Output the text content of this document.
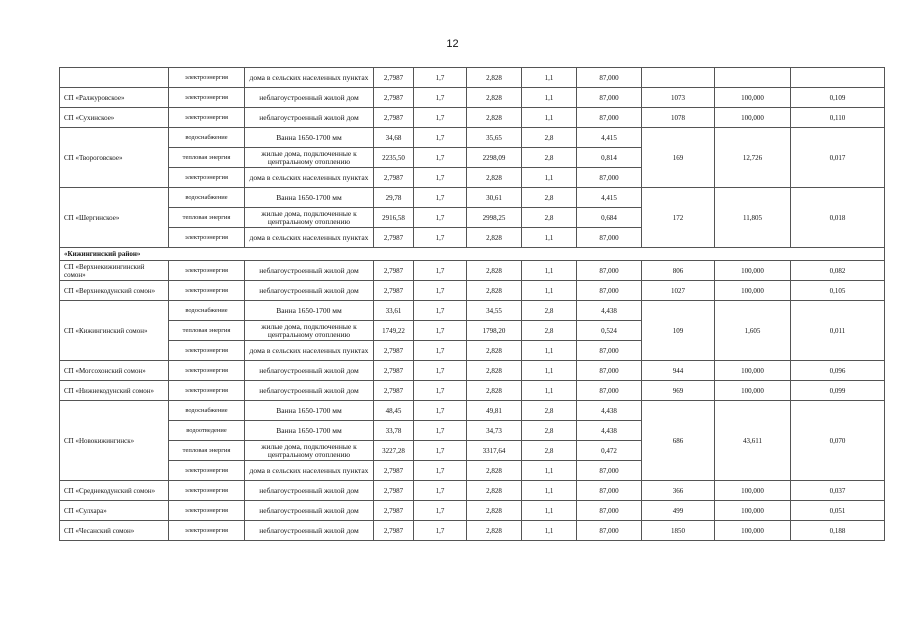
12
	электроэнергия	дома в сельских населенных пунктах	2,7987	1,7	2,828	1,1	87,000			
СП «Ралжуровское»	электроэнергия	неблагоустроенный жилой дом	2,7987	1,7	2,828	1,1	87,000	1073	100,000	0,109
СП «Сухинское»	электроэнергия	неблагоустроенный жилой дом	2,7987	1,7	2,828	1,1	87,000	1078	100,000	0,110
СП «Твороговское»	водоснабжение	Ванна 1650-1700 мм	34,68	1,7	35,65	2,8	4,415	169	12,726	0,017
	тепловая энергия	жилые дома, подключенные к центральному отоплению	2235,50	1,7	2298,09	2,8	0,814			
	электроэнергия	дома в сельских населенных пунктах	2,7987	1,7	2,828	1,1	87,000			
СП «Шергинское»	водоснабжение	Ванна 1650-1700 мм	29,78	1,7	30,61	2,8	4,415	172	11,805	0,018
	тепловая энергия	жилые дома, подключенные к центральному отоплению	2916,58	1,7	2998,25	2,8	0,684			
	электроэнергия	дома в сельских населенных пунктах	2,7987	1,7	2,828	1,1	87,000			
«Кижингинский район»										
СП «Верхнекижингинский сомон»	электроэнергия	неблагоустроенный жилой дом	2,7987	1,7	2,828	1,1	87,000	806	100,000	0,082
СП «Верхнекодунский сомон»	электроэнергия	неблагоустроенный жилой дом	2,7987	1,7	2,828	1,1	87,000	1027	100,000	0,105
СП «Кижингинский сомон»	водоснабжение	Ванна 1650-1700 мм	33,61	1,7	34,55	2,8	4,438	109	1,605	0,011
	тепловая энергия	жилые дома, подключенные к центральному отоплению	1749,22	1,7	1798,20	2,8	0,524			
	электроэнергия	дома в сельских населенных пунктах	2,7987	1,7	2,828	1,1	87,000			
СП «Могсохонский сомон»	электроэнергия	неблагоустроенный жилой дом	2,7987	1,7	2,828	1,1	87,000	944	100,000	0,096
СП «Нижнекодунский сомон»	электроэнергия	неблагоустроенный жилой дом	2,7987	1,7	2,828	1,1	87,000	969	100,000	0,099
СП «Новокижингинск»	водоснабжение	Ванна 1650-1700 мм	48,45	1,7	49,81	2,8	4,438	686	43,611	0,070
	водоотведение	Ванна 1650-1700 мм	33,78	1,7	34,73	2,8	4,438			
	тепловая энергия	жилые дома, подключенные к центральному отоплению	3227,28	1,7	3317,64	2,8	0,472			
	электроэнергия	дома в сельских населенных пунктах	2,7987	1,7	2,828	1,1	87,000			
СП «Среднекодунский сомон»	электроэнергия	неблагоустроенный жилой дом	2,7987	1,7	2,828	1,1	87,000	366	100,000	0,037
СП «Сулхара»	электроэнергия	неблагоустроенный жилой дом	2,7987	1,7	2,828	1,1	87,000	499	100,000	0,051
СП «Чесанский сомон»	электроэнергия	неблагоустроенный жилой дом	2,7987	1,7	2,828	1,1	87,000	1850	100,000	0,188
